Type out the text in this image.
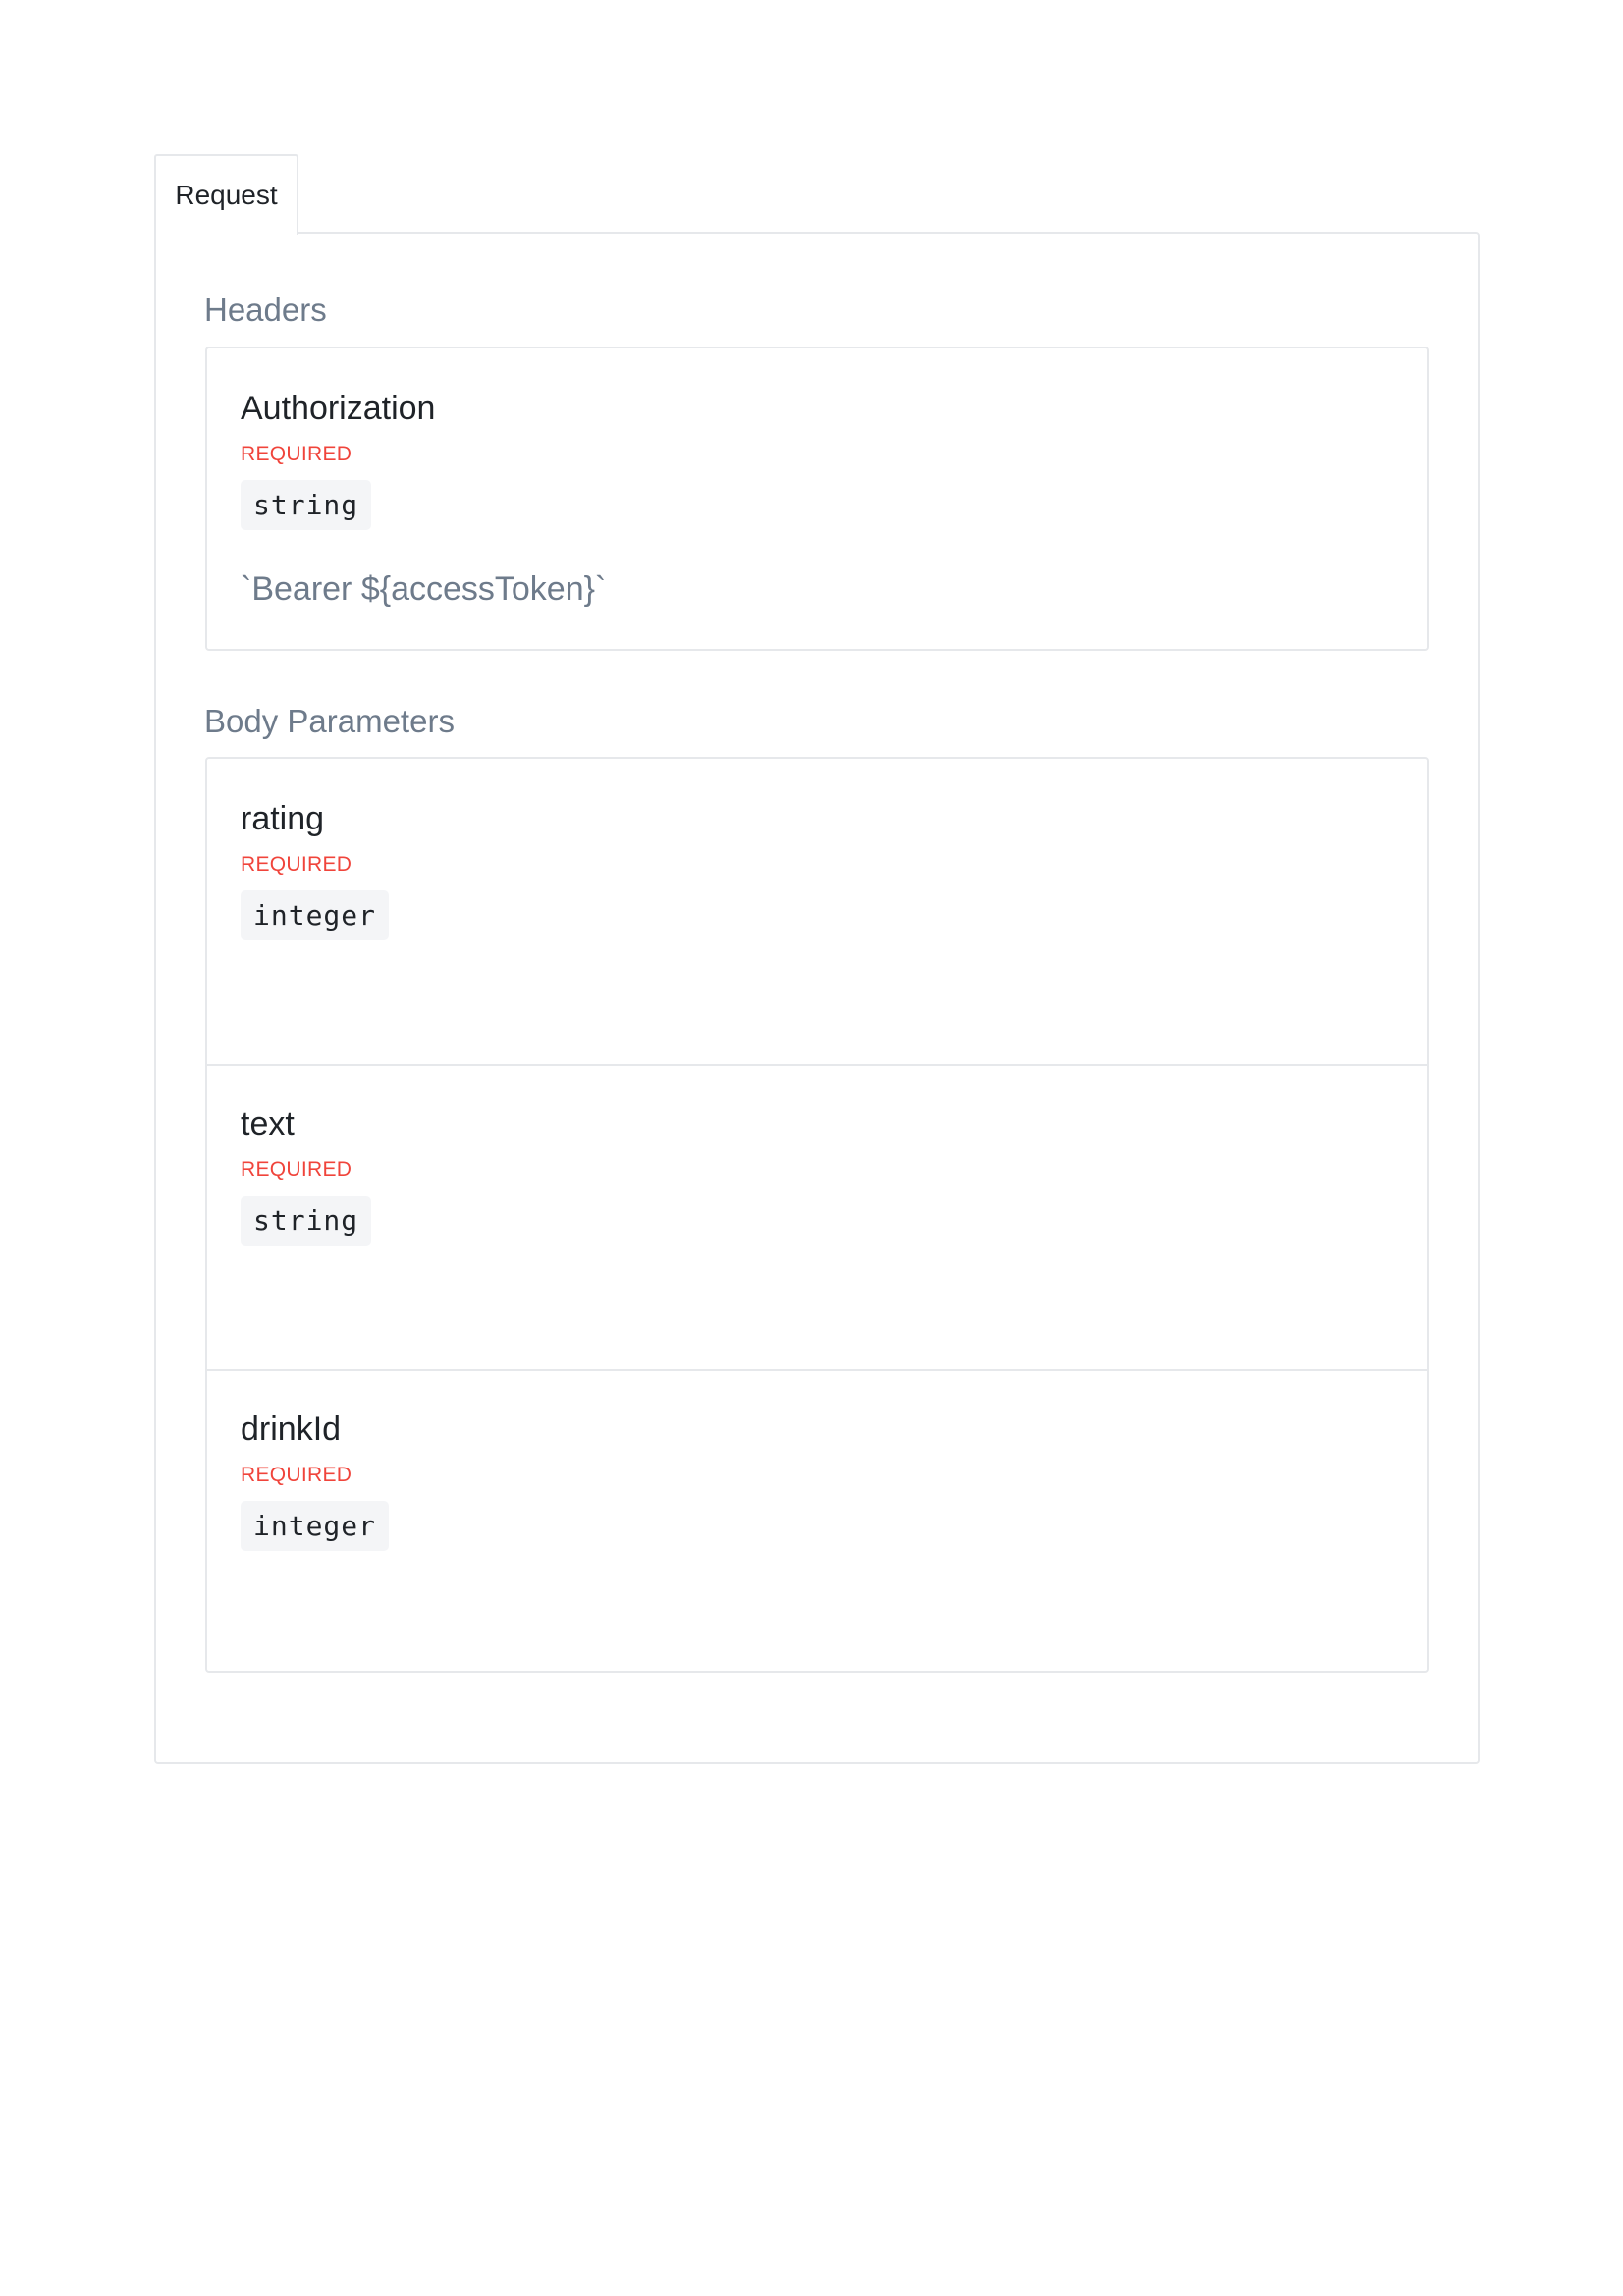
Request
Headers
Authorization
REQUIRED
string
`Bearer ${accessToken}`
Body Parameters
rating
REQUIRED
integer
text
REQUIRED
string
drinkId
REQUIRED
integer
